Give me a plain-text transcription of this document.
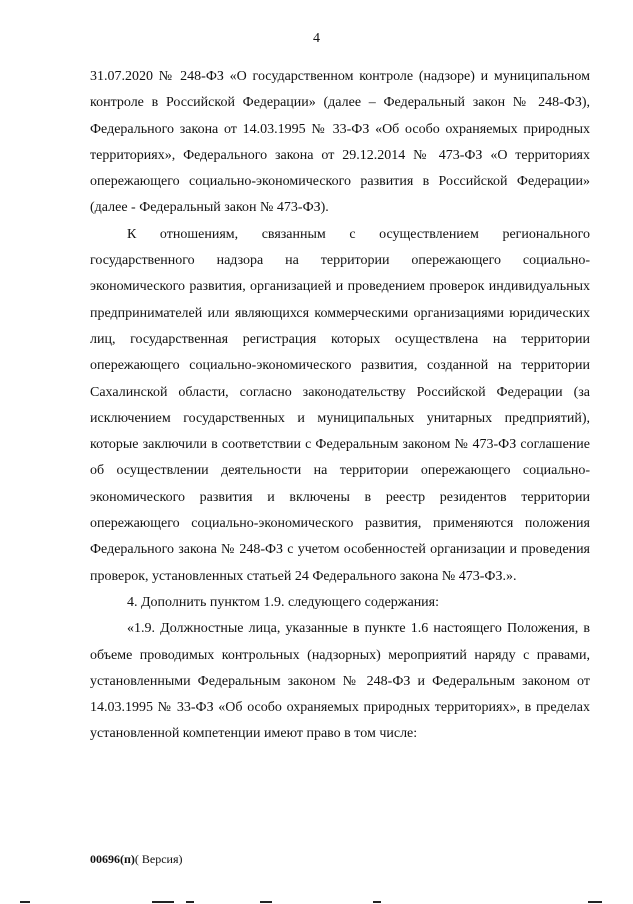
4

31.07.2020 № 248-ФЗ «О государственном контроле (надзоре) и муниципальном контроле в Российской Федерации» (далее – Федеральный закон № 248-ФЗ), Федерального закона от 14.03.1995 № 33-ФЗ «Об особо охраняемых природных территориях», Федерального закона от 29.12.2014 № 473-ФЗ «О территориях опережающего социально-экономического развития в Российской Федерации» (далее - Федеральный закон № 473-ФЗ).

К отношениям, связанным с осуществлением регионального государственного надзора на территории опережающего социально-экономического развития, организацией и проведением проверок индивидуальных предпринимателей или являющихся коммерческими организациями юридических лиц, государственная регистрация которых осуществлена на территории опережающего социально-экономического развития, созданной на территории Сахалинской области, согласно законодательству Российской Федерации (за исключением государственных и муниципальных унитарных предприятий), которые заключили в соответствии с Федеральным законом № 473-ФЗ соглашение об осуществлении деятельности на территории опережающего социально-экономического развития и включены в реестр резидентов территории опережающего социально-экономического развития, применяются положения Федерального закона № 248-ФЗ с учетом особенностей организации и проведения проверок, установленных статьей 24 Федерального закона № 473-ФЗ.».

4. Дополнить пунктом 1.9. следующего содержания:

«1.9. Должностные лица, указанные в пункте 1.6 настоящего Положения, в объеме проводимых контрольных (надзорных) мероприятий наряду с правами, установленными Федеральным законом № 248-ФЗ и Федеральным законом от 14.03.1995 № 33-ФЗ «Об особо охраняемых природных территориях», в пределах установленной компетенции имеют право в том числе:

00696(п)( Версия)
